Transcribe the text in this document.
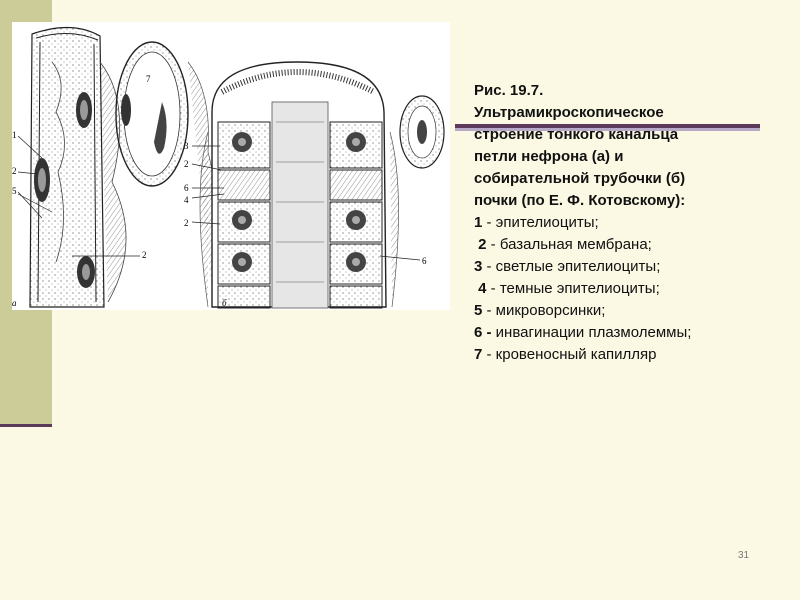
1
2
5
2
7
3
2
6
4
2
6
а	б

Рис. 19.7.

Ультрамикроскопическое

строение тонкого канальца

петли нефрона (а) и

собирательной трубочки (б)

почки (по Е. Ф. Котовскому):

1 - эпителиоциты;

2 - базальная мембрана;

3 - светлые эпителиоциты;

4 - темные эпителиоциты;

5 - микроворсинки;

6 - инвагинации плазмолеммы;

7 - кровеносный капилляр

31
